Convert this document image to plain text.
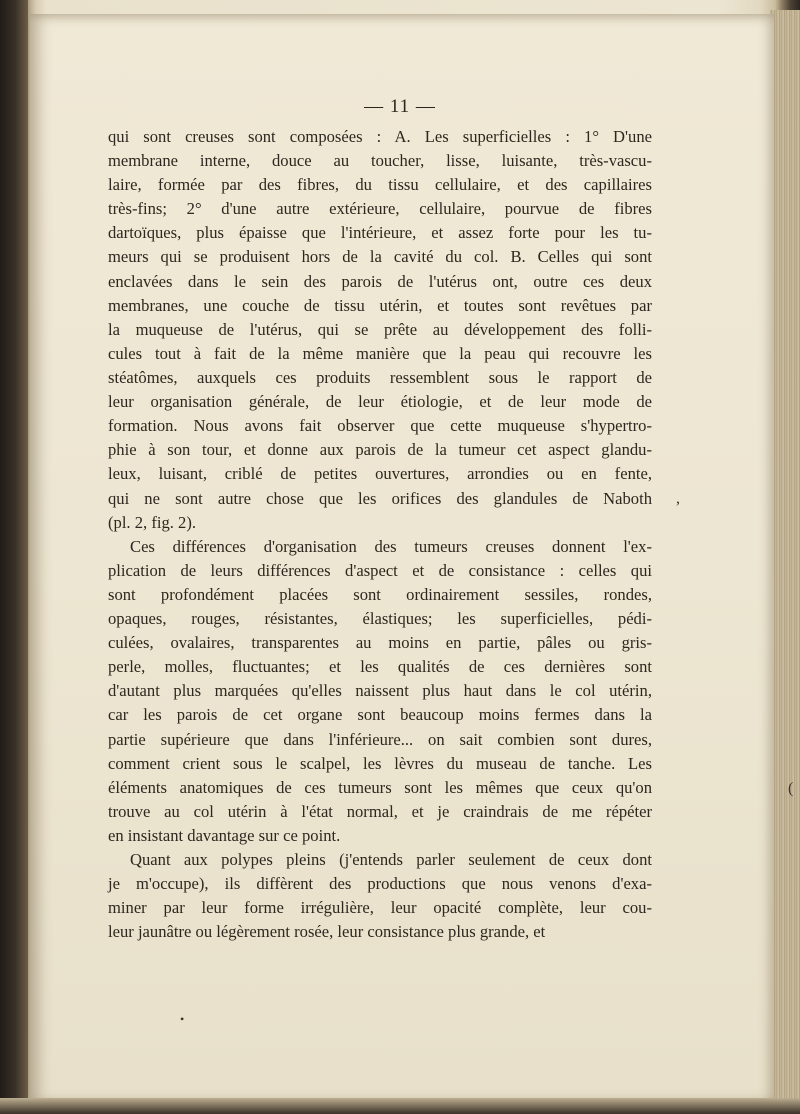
— 11 —
qui sont creuses sont composées : A. Les superficielles : 1° D'une
membrane interne, douce au toucher, lisse, luisante, très-vascu-
laire, formée par des fibres, du tissu cellulaire, et des capillaires
très-fins; 2° d'une autre extérieure, cellulaire, pourvue de fibres
dartoïques, plus épaisse que l'intérieure, et assez forte pour les tu-
meurs qui se produisent hors de la cavité du col. B. Celles qui sont
enclavées dans le sein des parois de l'utérus ont, outre ces deux
membranes, une couche de tissu utérin, et toutes sont revêtues par
la muqueuse de l'utérus, qui se prête au développement des folli-
cules tout à fait de la même manière que la peau qui recouvre les
stéatômes, auxquels ces produits ressemblent sous le rapport de
leur organisation générale, de leur étiologie, et de leur mode de
formation. Nous avons fait observer que cette muqueuse s'hypertro-
phie à son tour, et donne aux parois de la tumeur cet aspect glandu-
leux, luisant, criblé de petites ouvertures, arrondies ou en fente,
qui ne sont autre chose que les orifices des glandules de Naboth
(pl. 2, fig. 2).
Ces différences d'organisation des tumeurs creuses donnent l'ex-
plication de leurs différences d'aspect et de consistance : celles qui
sont profondément placées sont ordinairement sessiles, rondes,
opaques, rouges, résistantes, élastiques; les superficielles, pédi-
culées, ovalaires, transparentes au moins en partie, pâles ou gris-
perle, molles, fluctuantes; et les qualités de ces dernières sont
d'autant plus marquées qu'elles naissent plus haut dans le col utérin,
car les parois de cet organe sont beaucoup moins fermes dans la
partie supérieure que dans l'inférieure... on sait combien sont dures,
comment crient sous le scalpel, les lèvres du museau de tanche. Les
éléments anatomiques de ces tumeurs sont les mêmes que ceux qu'on
trouve au col utérin à l'état normal, et je craindrais de me répéter
en insistant davantage sur ce point.
Quant aux polypes pleins (j'entends parler seulement de ceux dont
je m'occupe), ils diffèrent des productions que nous venons d'exa-
miner par leur forme irrégulière, leur opacité complète, leur cou-
leur jaunâtre ou légèrement rosée, leur consistance plus grande, et
,
(
•
